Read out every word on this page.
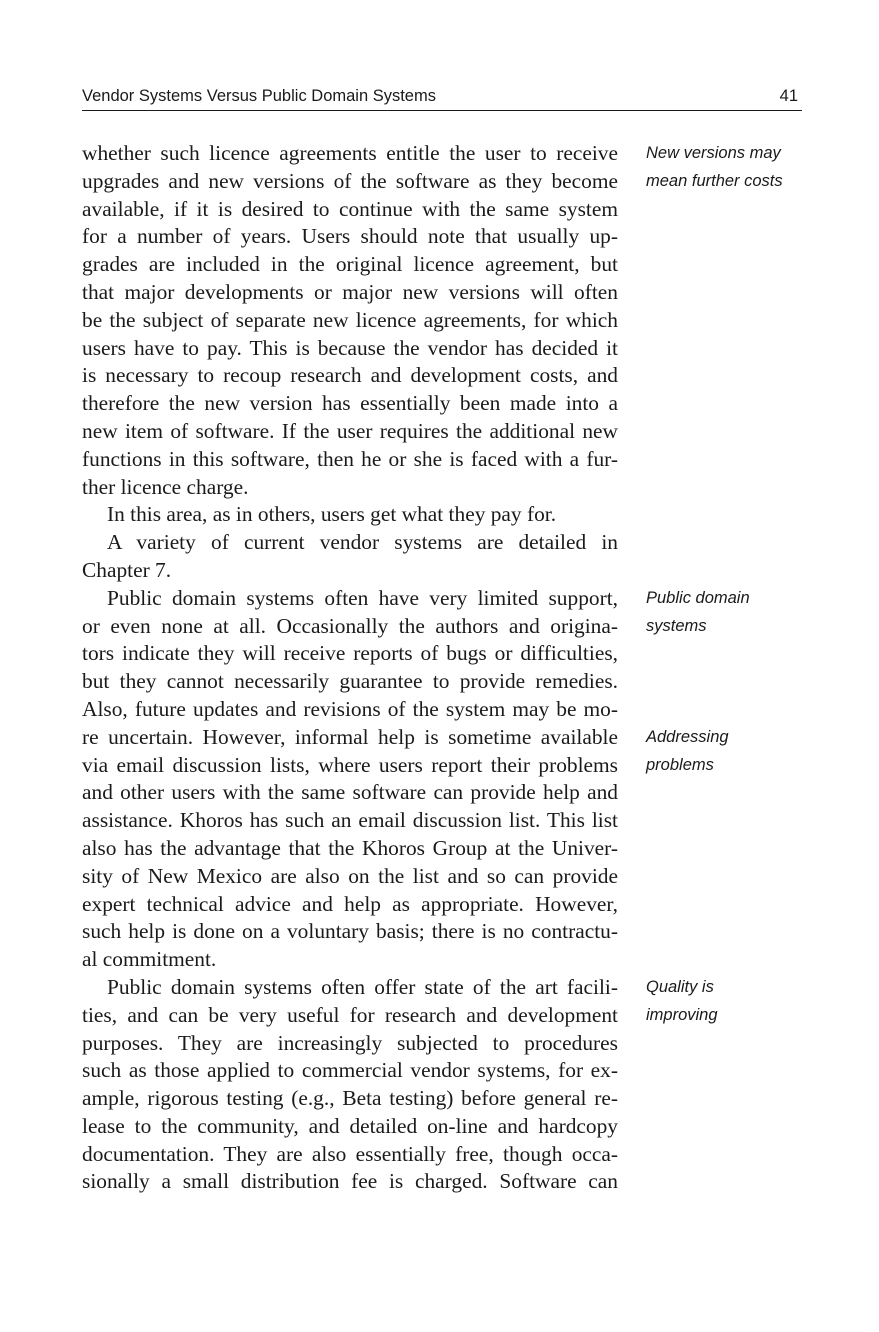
Vendor Systems Versus Public Domain Systems	41
whether such licence agreements entitle the user to receive
upgrades and new versions of the software as they become
available, if it is desired to continue with the same system
for a number of years. Users should note that usually up-
grades are included in the original licence agreement, but
that major developments or major new versions will often
be the subject of separate new licence agreements, for which
users have to pay. This is because the vendor has decided it
is necessary to recoup research and development costs, and
therefore the new version has essentially been made into a
new item of software. If the user requires the additional new
functions in this software, then he or she is faced with a fur-
ther licence charge.
In this area, as in others, users get what they pay for.
A variety of current vendor systems are detailed in
Chapter 7.
Public domain systems often have very limited support,
or even none at all. Occasionally the authors and origina-
tors indicate they will receive reports of bugs or difficulties,
but they cannot necessarily guarantee to provide remedies.
Also, future updates and revisions of the system may be mo-
re uncertain. However, informal help is sometime available
via email discussion lists, where users report their problems
and other users with the same software can provide help and
assistance. Khoros has such an email discussion list. This list
also has the advantage that the Khoros Group at the Univer-
sity of New Mexico are also on the list and so can provide
expert technical advice and help as appropriate. However,
such help is done on a voluntary basis; there is no contractu-
al commitment.
Public domain systems often offer state of the art facili-
ties, and can be very useful for research and development
purposes. They are increasingly subjected to procedures
such as those applied to commercial vendor systems, for ex-
ample, rigorous testing (e.g., Beta testing) before general re-
lease to the community, and detailed on-line and hardcopy
documentation. They are also essentially free, though occa-
sionally a small distribution fee is charged. Software can
New versions may
mean further costs
Public domain
systems
Addressing
problems
Quality is
improving
